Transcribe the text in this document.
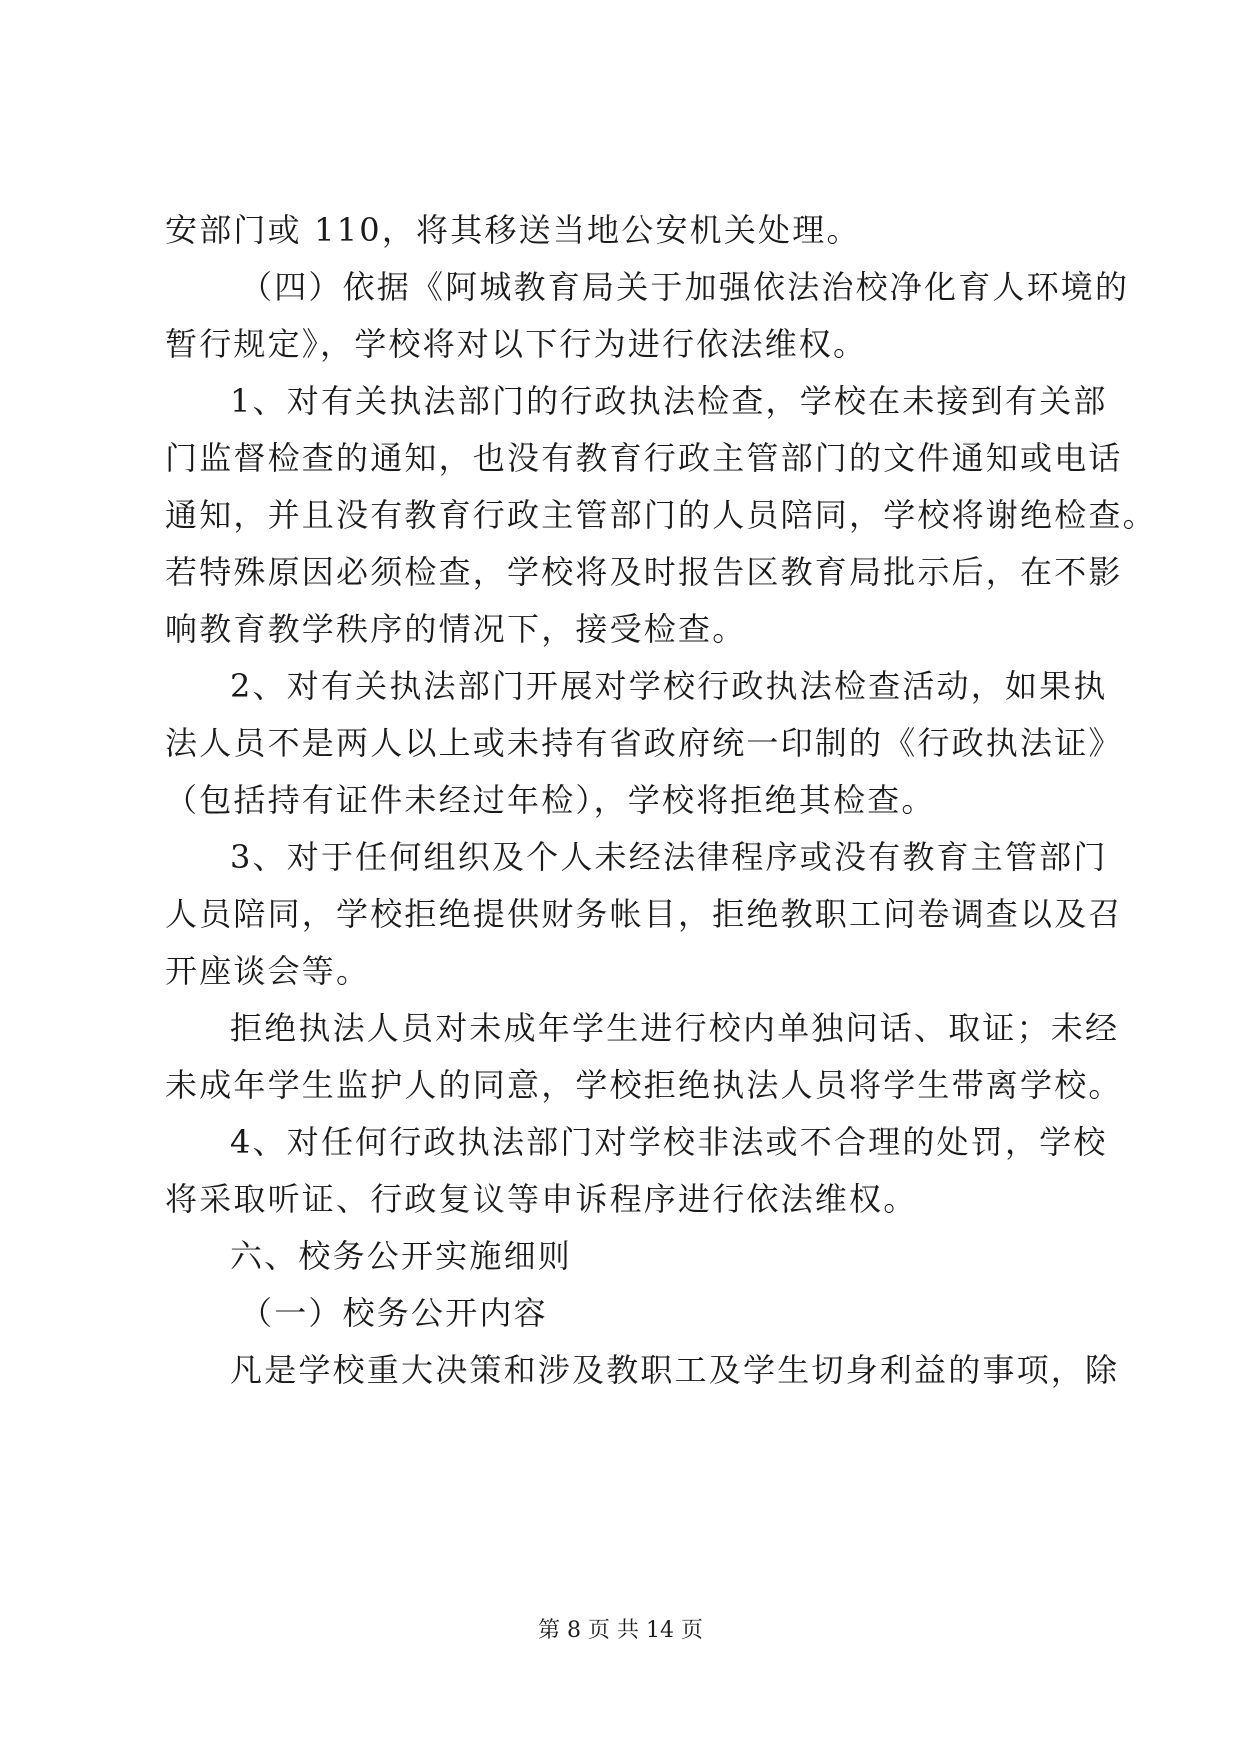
安部门或 110，将其移送当地公安机关处理。
（四）依据《阿城教育局关于加强依法治校净化育人环境的
暂行规定》，学校将对以下行为进行依法维权。
1、对有关执法部门的行政执法检查，学校在未接到有关部
门监督检查的通知，也没有教育行政主管部门的文件通知或电话
通知，并且没有教育行政主管部门的人员陪同，学校将谢绝检查。
若特殊原因必须检查，学校将及时报告区教育局批示后，在不影
响教育教学秩序的情况下，接受检查。
2、对有关执法部门开展对学校行政执法检查活动，如果执
法人员不是两人以上或未持有省政府统一印制的《行政执法证》
（包括持有证件未经过年检），学校将拒绝其检查。
3、对于任何组织及个人未经法律程序或没有教育主管部门
人员陪同，学校拒绝提供财务帐目，拒绝教职工问卷调查以及召
开座谈会等。
拒绝执法人员对未成年学生进行校内单独问话、取证；未经
未成年学生监护人的同意，学校拒绝执法人员将学生带离学校。
4、对任何行政执法部门对学校非法或不合理的处罚，学校
将采取听证、行政复议等申诉程序进行依法维权。
六、校务公开实施细则
（一）校务公开内容
凡是学校重大决策和涉及教职工及学生切身利益的事项，除
第 8 页 共 14 页
